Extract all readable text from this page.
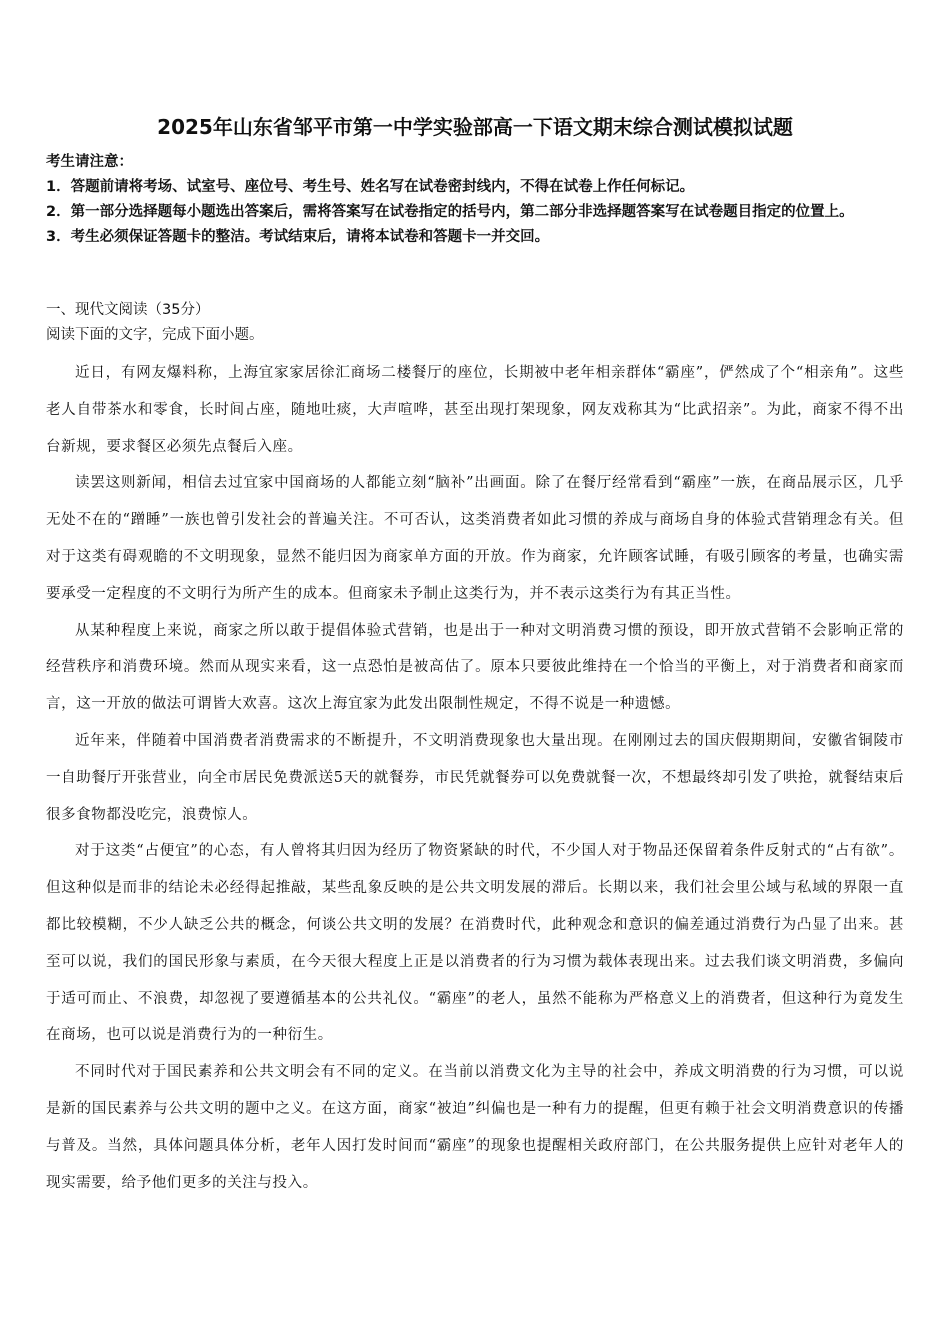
2025年山东省邹平市第一中学实验部高一下语文期末综合测试模拟试题
考生请注意：
1．答题前请将考场、试室号、座位号、考生号、姓名写在试卷密封线内，不得在试卷上作任何标记。
2．第一部分选择题每小题选出答案后，需将答案写在试卷指定的括号内，第二部分非选择题答案写在试卷题目指定的位置上。
3．考生必须保证答题卡的整洁。考试结束后，请将本试卷和答题卡一并交回。
一、现代文阅读（35分）
阅读下面的文字，完成下面小题。

近日，有网友爆料称，上海宜家家居徐汇商场二楼餐厅的座位，长期被中老年相亲群体“霸座”，俨然成了个“相亲角”。这些老人自带茶水和零食，长时间占座，随地吐痰，大声喧哗，甚至出现打架现象，网友戏称其为“比武招亲”。为此，商家不得不出台新规，要求餐区必须先点餐后入座。

读罢这则新闻，相信去过宜家中国商场的人都能立刻“脑补”出画面。除了在餐厅经常看到“霸座”一族，在商品展示区，几乎无处不在的“蹭睡”一族也曾引发社会的普遍关注。不可否认，这类消费者如此习惯的养成与商场自身的体验式营销理念有关。但对于这类有碍观瞻的不文明现象，显然不能归因为商家单方面的开放。作为商家，允许顾客试睡，有吸引顾客的考量，也确实需要承受一定程度的不文明行为所产生的成本。但商家未予制止这类行为，并不表示这类行为有其正当性。

从某种程度上来说，商家之所以敢于提倡体验式营销，也是出于一种对文明消费习惯的预设，即开放式营销不会影响正常的经营秩序和消费环境。然而从现实来看，这一点恐怕是被高估了。原本只要彼此维持在一个恰当的平衡上，对于消费者和商家而言，这一开放的做法可谓皆大欢喜。这次上海宜家为此发出限制性规定，不得不说是一种遗憾。

近年来，伴随着中国消费者消费需求的不断提升，不文明消费现象也大量出现。在刚刚过去的国庆假期期间，安徽省铜陵市一自助餐厅开张营业，向全市居民免费派送5天的就餐券，市民凭就餐券可以免费就餐一次，不想最终却引发了哄抢，就餐结束后很多食物都没吃完，浪费惊人。

对于这类“占便宜”的心态，有人曾将其归因为经历了物资紧缺的时代，不少国人对于物品还保留着条件反射式的“占有欲”。但这种似是而非的结论未必经得起推敲，某些乱象反映的是公共文明发展的滞后。长期以来，我们社会里公域与私域的界限一直都比较模糊，不少人缺乏公共的概念，何谈公共文明的发展？在消费时代，此种观念和意识的偏差通过消费行为凸显了出来。甚至可以说，我们的国民形象与素质，在今天很大程度上正是以消费者的行为习惯为载体表现出来。过去我们谈文明消费，多偏向于适可而止、不浪费，却忽视了要遵循基本的公共礼仪。“霸座”的老人，虽然不能称为严格意义上的消费者，但这种行为竟发生在商场，也可以说是消费行为的一种衍生。

不同时代对于国民素养和公共文明会有不同的定义。在当前以消费文化为主导的社会中，养成文明消费的行为习惯，可以说是新的国民素养与公共文明的题中之义。在这方面，商家“被迫”纠偏也是一种有力的提醒，但更有赖于社会文明消费意识的传播与普及。当然，具体问题具体分析，老年人因打发时间而“霸座”的现象也提醒相关政府部门，在公共服务提供上应针对老年人的现实需要，给予他们更多的关注与投入。
